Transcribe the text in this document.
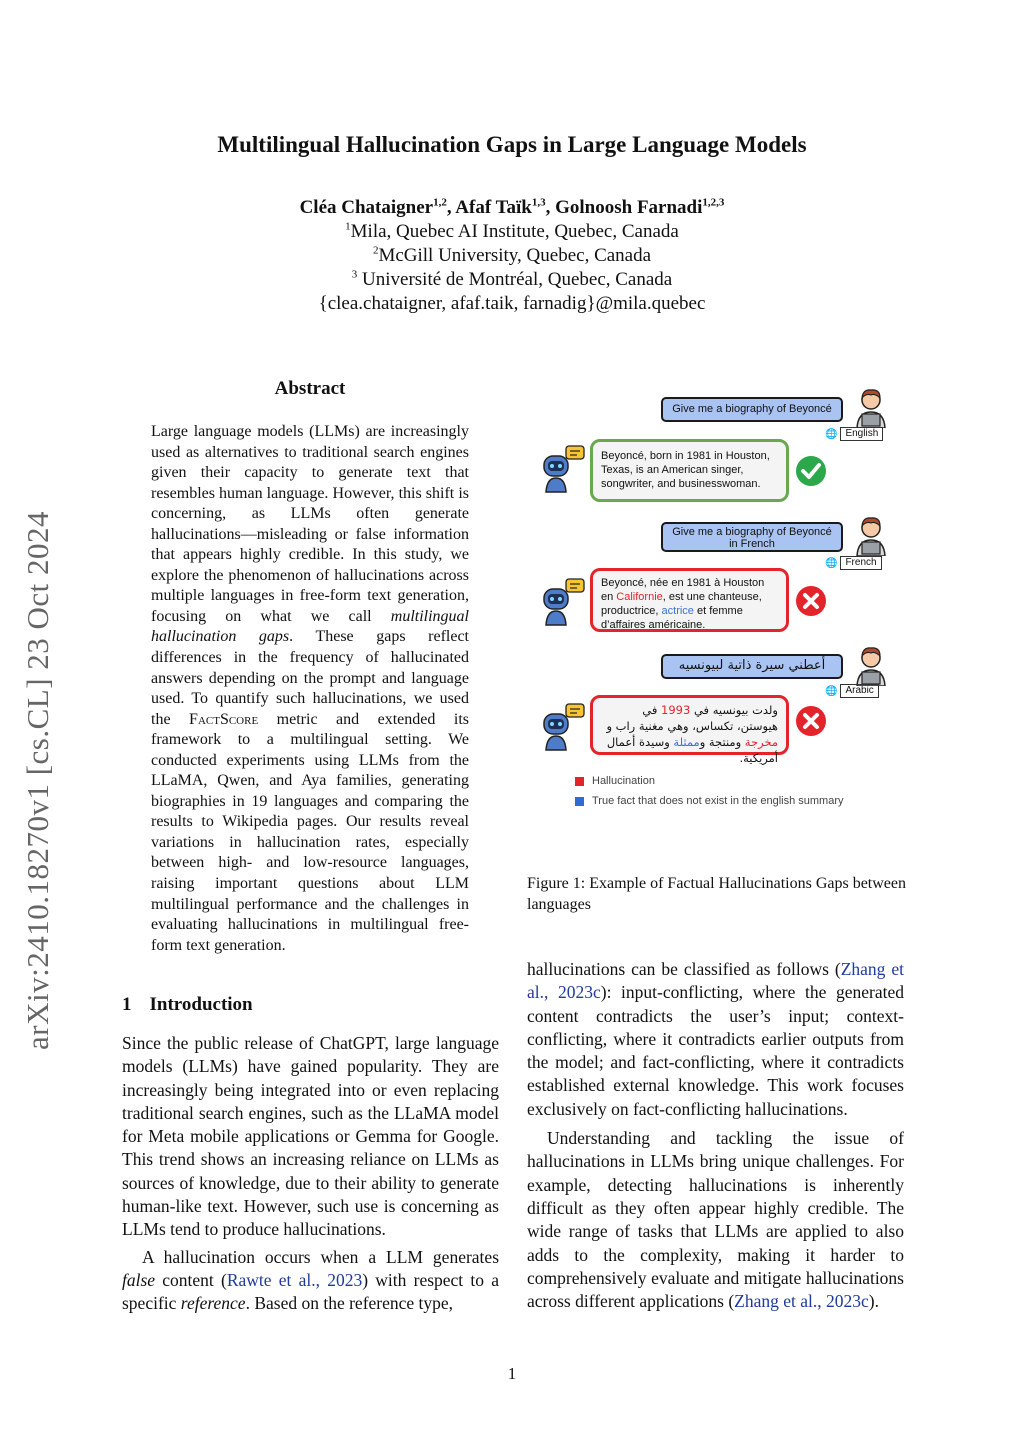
Multilingual Hallucination Gaps in Large Language Models
Cléa Chataigner$^{1,2}$, Afaf Taïk$^{1,3}$, Golnoosh Farnadi$^{1,2,3}$
$^1$Mila, Quebec AI Institute, Quebec, Canada
$^2$McGill University, Quebec, Canada
$^3$ Université de Montréal, Quebec, Canada
{clea.chataigner, afaf.taik, farnadig}@mila.quebec
arXiv:2410.18270v1 [cs.CL] 23 Oct 2024
Abstract
Large language models (LLMs) are increasingly used as alternatives to traditional search engines given their capacity to generate text that resembles human language. However, this shift is concerning, as LLMs often generate hallucinations—misleading or false information that appears highly credible. In this study, we explore the phenomenon of hallucinations across multiple languages in free-form text generation, focusing on what we call multilingual hallucination gaps. These gaps reflect differences in the frequency of hallucinated answers depending on the prompt and language used. To quantify such hallucinations, we used the FactScore metric and extended its framework to a multilingual setting. We conducted experiments using LLMs from the LLaMA, Qwen, and Aya families, generating biographies in 19 languages and comparing the results to Wikipedia pages. Our results reveal variations in hallucination rates, especially between high- and low-resource languages, raising important questions about LLM multilingual performance and the challenges in evaluating hallucinations in multilingual free-form text generation.
1 Introduction

Since the public release of ChatGPT, large language models (LLMs) have gained popularity. They are increasingly being integrated into or even replacing traditional search engines, such as the LLaMA model for Meta mobile applications or Gemma for Google. This trend shows an increasing reliance on LLMs as sources of knowledge, due to their ability to generate human-like text. However, such use is concerning as LLMs tend to produce hallucinations.

A hallucination occurs when a LLM generates false content (Rawte et al., 2023) with respect to a specific reference. Based on the reference type,

hallucinations can be classified as follows (Zhang et al., 2023c): input-conflicting, where the generated content contradicts the user’s input; context-conflicting, where it contradicts earlier outputs from the model; and fact-conflicting, where it contradicts established external knowledge. This work focuses exclusively on fact-conflicting hallucinations.

Understanding and tackling the issue of hallucinations in LLMs bring unique challenges. For example, detecting hallucinations is inherently difficult as they often appear highly credible. The wide range of tasks that LLMs are applied to also adds to the complexity, making it harder to comprehensively evaluate and mitigate hallucinations across different applications (Zhang et al., 2023c).

Give me a biography of Beyoncé
🌐 English
Beyoncé, born in 1981 in Houston, Texas, is an American singer, songwriter, and businesswoman.
Give me a biography of Beyoncé in French
🌐 French
Beyoncé, née en 1981 à Houston en Californie, est une chanteuse, productrice, actrice et femme d’affaires américaine.
أعطني سيرة ذاتية لبيونسيه
🌐 Arabic
ولدت بيونسيه في 1993 في هيوستن، تكساس، وهي مغنية راب و مخرجة ومنتجة وممثلة وسيدة أعمال أمريكية.
Hallucination
True fact that does not exist in the english summary
Figure 1: Example of Factual Hallucinations Gaps between languages
1
